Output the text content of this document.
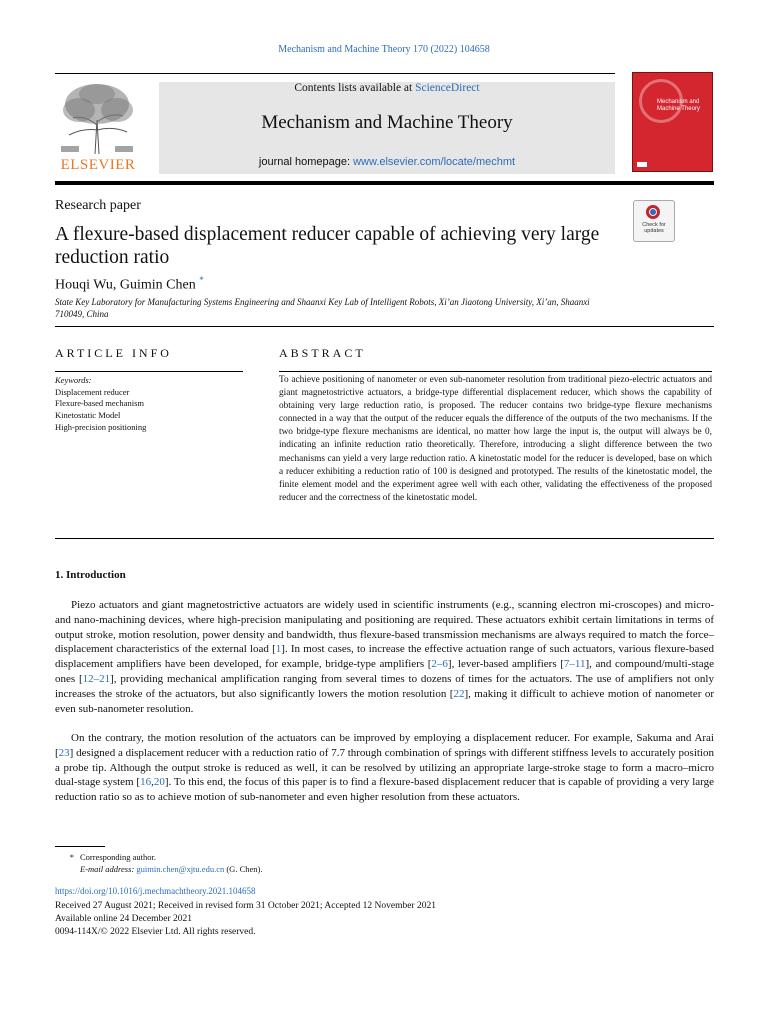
Mechanism and Machine Theory 170 (2022) 104658
ELSEVIER
Contents lists available at ScienceDirect
Mechanism and Machine Theory
journal homepage: www.elsevier.com/locate/mechmt
Mechanism and Machine Theory
Research paper
A flexure-based displacement reducer capable of achieving very large reduction ratio
Check for updates
Houqi Wu, Guimin Chen *
State Key Laboratory for Manufacturing Systems Engineering and Shaanxi Key Lab of Intelligent Robots, Xi’an Jiaotong University, Xi’an, Shaanxi 710049, China
ARTICLE INFO	ABSTRACT
Keywords:
Displacement reducer
Flexure-based mechanism
Kinetostatic Model
High-precision positioning
To achieve positioning of nanometer or even sub-nanometer resolution from traditional piezo-electric actuators and giant magnetostrictive actuators, a bridge-type differential displacement reducer, which shows the capability of obtaining very large reduction ratio, is proposed. The reducer contains two bridge-type flexure mechanisms connected in a way that the output of the reducer equals the difference of the outputs of the two mechanisms. If the two bridge-type flexure mechanisms are identical, no matter how large the input is, the output will always be 0, indicating an infinite reduction ratio theoretically. Therefore, introducing a slight difference between the two mechanisms can yield a very large reduction ratio. A kinetostatic model for the reducer is developed, base on which a reducer exhibiting a reduction ratio of 100 is designed and prototyped. The results of the kinetostatic model, the finite element model and the experiment agree well with each other, validating the effectiveness of the proposed reducer and the correctness of the kinetostatic model.
1. Introduction
Piezo actuators and giant magnetostrictive actuators are widely used in scientific instruments (e.g., scanning electron mi-croscopes) and micro- and nano-machining devices, where high-precision manipulating and positioning are required. These actuators exhibit certain limitations in terms of output stroke, motion resolution, power density and bandwidth, thus flexure-based transmission mechanisms are always required to match the force–displacement characteristics of the external load [1]. In most cases, to increase the effective actuation range of such actuators, various flexure-based displacement amplifiers have been developed, for example, bridge-type amplifiers [2–6], lever-based amplifiers [7–11], and compound/multi-stage ones [12–21], providing mechanical amplification ranging from several times to dozens of times for the actuators. The use of amplifiers not only increases the stroke of the actuators, but also significantly lowers the motion resolution [22], making it difficult to achieve motion of nanometer or even sub-nanometer resolution.
On the contrary, the motion resolution of the actuators can be improved by employing a displacement reducer. For example, Sakuma and Arai [23] designed a displacement reducer with a reduction ratio of 7.7 through combination of springs with different stiffness levels to accurately position a probe tip. Although the output stroke is reduced as well, it can be resolved by utilizing an appropriate large-stroke stage to form a macro–micro dual-stage system [16,20]. To this end, the focus of this paper is to find a flexure-based displacement reducer that is capable of providing a very large reduction ratio so as to achieve motion of sub-nanometer and even higher resolution from these actuators.
* Corresponding author.
E-mail address: guimin.chen@xjtu.edu.cn (G. Chen).
https://doi.org/10.1016/j.mechmachtheory.2021.104658
Received 27 August 2021; Received in revised form 31 October 2021; Accepted 12 November 2021
Available online 24 December 2021
0094-114X/© 2022 Elsevier Ltd. All rights reserved.
